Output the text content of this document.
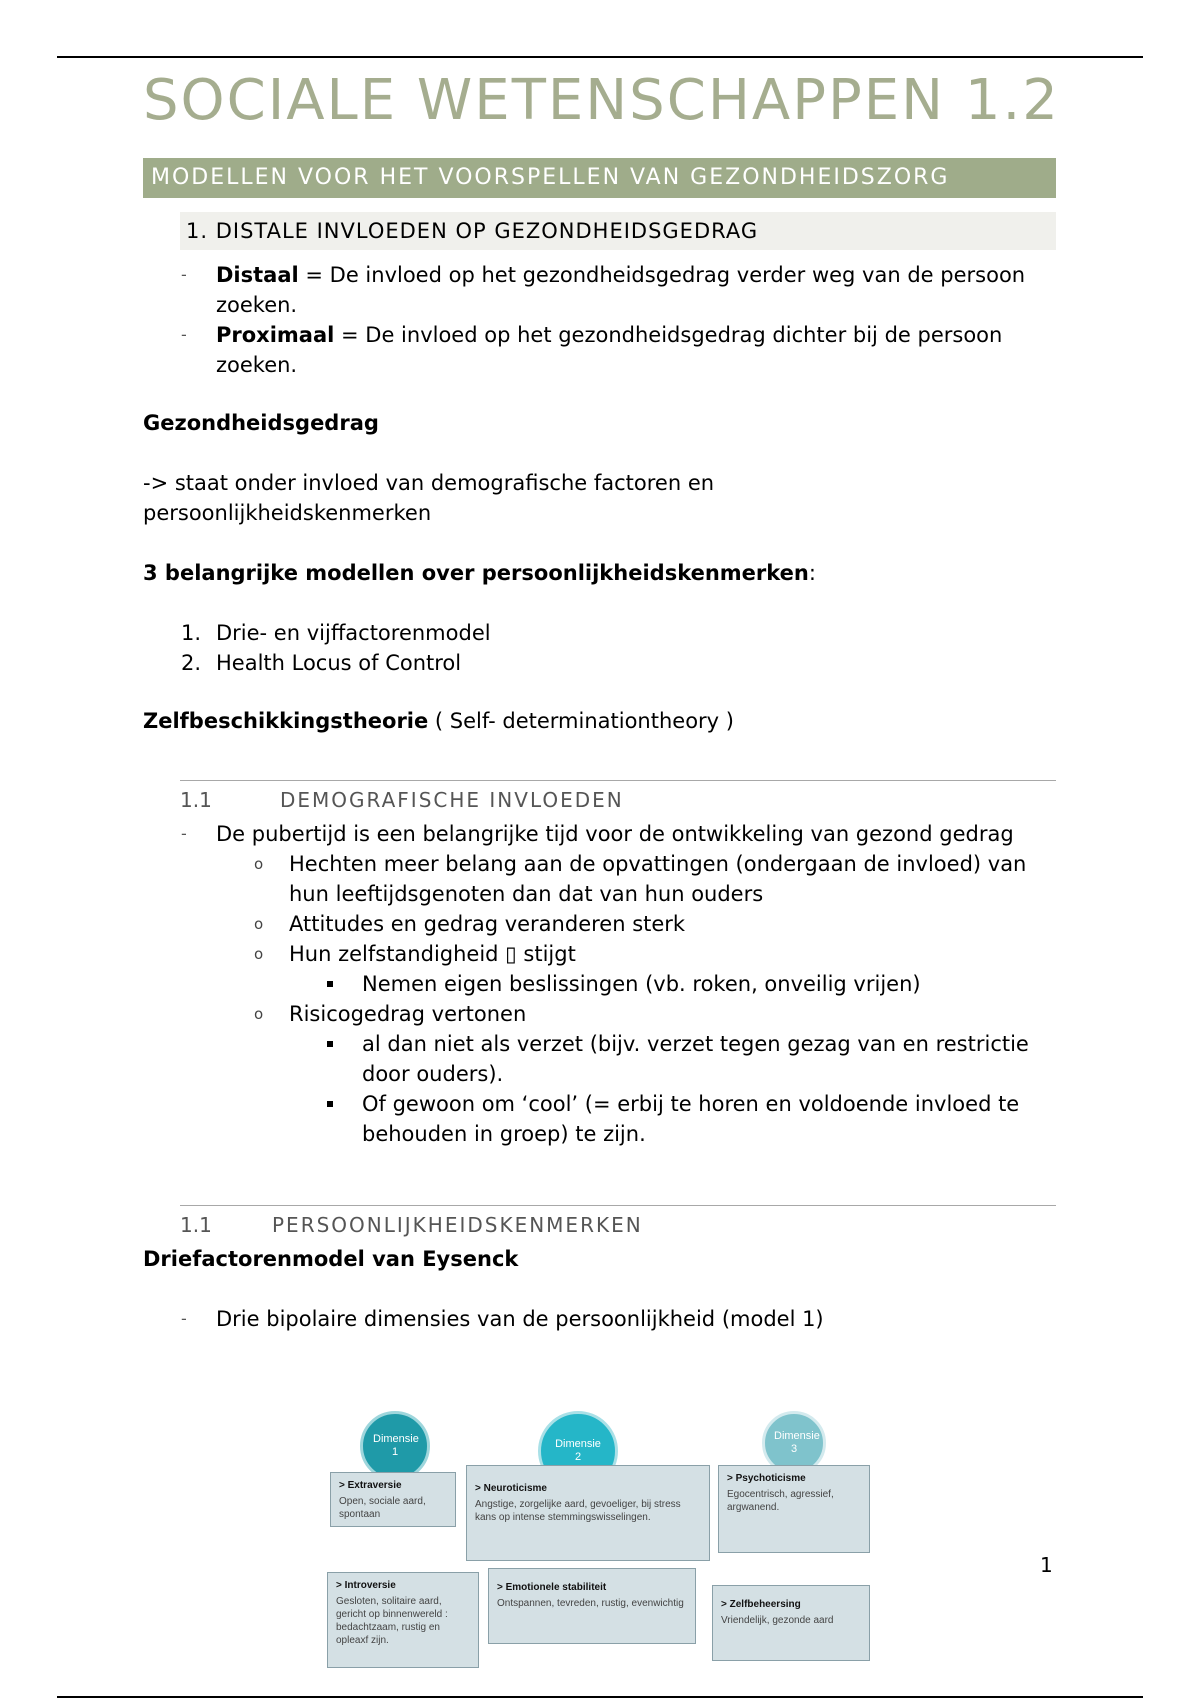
SOCIALE WETENSCHAPPEN 1.2
MODELLEN VOOR HET VOORSPELLEN VAN GEZONDHEIDSZORG
1. DISTALE INVLOEDEN OP GEZONDHEIDSGEDRAG
- Distaal = De invloed op het gezondheidsgedrag verder weg van de persoon zoeken.
- Proximaal = De invloed op het gezondheidsgedrag dichter bij de persoon zoeken.

Gezondheidsgedrag

-> staat onder invloed van demografische factoren en persoonlijkheidskenmerken

3 belangrijke modellen over persoonlijkheidskenmerken:

1. Drie- en vijffactorenmodel
2. Health Locus of Control

Zelfbeschikkingstheorie ( Self- determinationtheory )

1.1	DEMOGRAFISCHE INVLOEDEN
- De pubertijd is een belangrijke tijd voor de ontwikkeling van gezond gedrag
o Hechten meer belang aan de opvattingen (ondergaan de invloed) van hun leeftijdsgenoten dan dat van hun ouders
o Attitudes en gedrag veranderen sterk
o Hun zelfstandigheid ▯ stijgt
Nemen eigen beslissingen (vb. roken, onveilig vrijen)
o Risicogedrag vertonen
al dan niet als verzet (bijv. verzet tegen gezag van en restrictie door ouders).
Of gewoon om ‘cool’ (= erbij te horen en voldoende invloed te behouden in groep) te zijn.
1.1	PERSOONLIJKHEIDSKENMERKEN

Driefactorenmodel van Eysenck

- Drie bipolaire dimensies van de persoonlijkheid (model 1)
Dimensie 1
Dimensie 2
Dimensie 3
> Extraversie
Open, sociale aard, spontaan
> Neuroticisme
Angstige, zorgelijke aard, gevoeliger, bij stress kans op intense stemmingswisselingen.
> Psychoticisme
Egocentrisch, agressief, argwanend.
> Introversie
Gesloten, solitaire aard, gericht op binnenwereld : bedachtzaam, rustig en opleaxf zijn.
> Emotionele stabiliteit
Ontspannen, tevreden, rustig, evenwichtig	> Zelfbeheersing
Vriendelijk, gezonde aard
1
